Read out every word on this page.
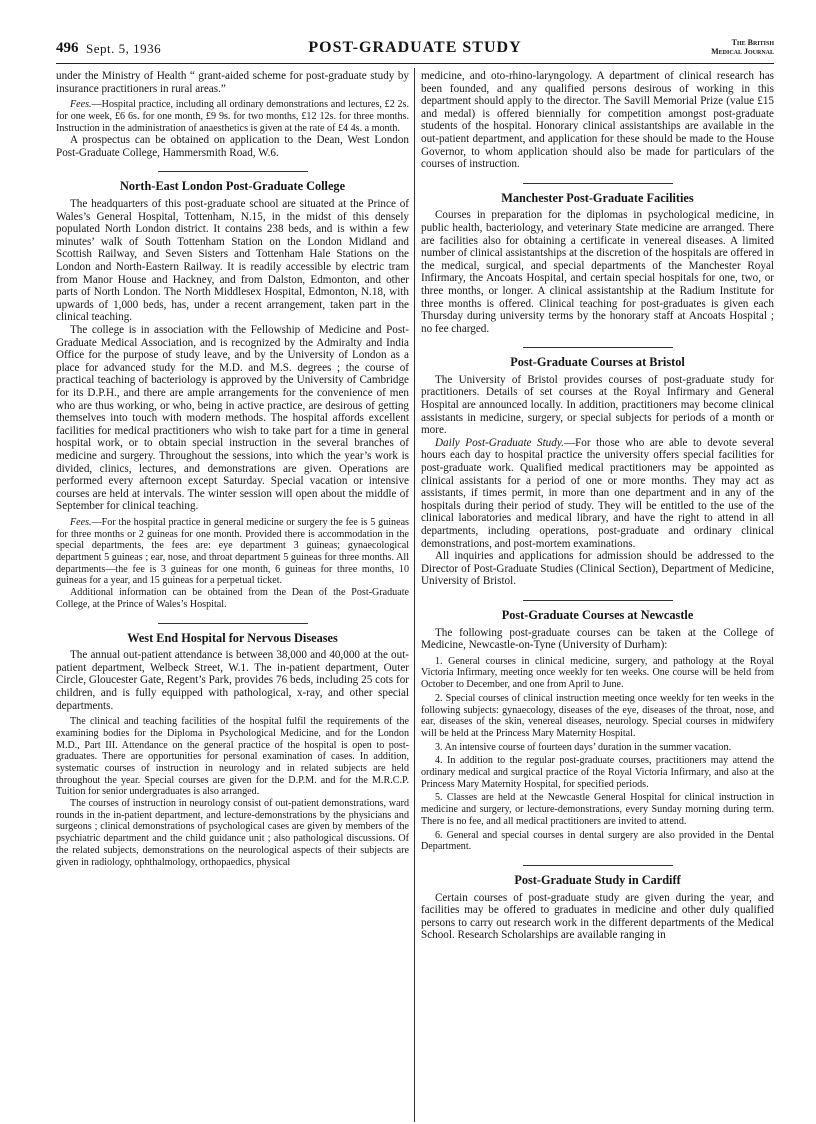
496 Sept. 5, 1936	POST-GRADUATE STUDY	The British
Medical Journal

under the Ministry of Health “ grant-aided scheme for post-graduate study by insurance practitioners in rural areas.”

Fees.—Hospital practice, including all ordinary demonstrations and lectures, £2 2s. for one week, £6 6s. for one month, £9 9s. for two months, £12 12s. for three months. Instruction in the administration of anaesthetics is given at the rate of £4 4s. a month.

A prospectus can be obtained on application to the Dean, West London Post-Graduate College, Hammersmith Road, W.6.

North-East London Post-Graduate College

The headquarters of this post-graduate school are situated at the Prince of Wales’s General Hospital, Tottenham, N.15, in the midst of this densely populated North London district. It contains 238 beds, and is within a few minutes’ walk of South Tottenham Station on the London Midland and Scottish Railway, and Seven Sisters and Tottenham Hale Stations on the London and North-Eastern Railway. It is readily accessible by electric tram from Manor House and Hackney, and from Dalston, Edmonton, and other parts of North London. The North Middlesex Hospital, Edmonton, N.18, with upwards of 1,000 beds, has, under a recent arrangement, taken part in the clinical teaching.

The college is in association with the Fellowship of Medicine and Post-Graduate Medical Association, and is recognized by the Admiralty and India Office for the purpose of study leave, and by the University of London as a place for advanced study for the M.D. and M.S. degrees ; the course of practical teaching of bacteriology is approved by the University of Cambridge for its D.P.H., and there are ample arrangements for the convenience of men who are thus working, or who, being in active practice, are desirous of getting themselves into touch with modern methods. The hospital affords excellent facilities for medical practitioners who wish to take part for a time in general hospital work, or to obtain special instruction in the several branches of medicine and surgery. Throughout the sessions, into which the year’s work is divided, clinics, lectures, and demonstrations are given. Operations are performed every afternoon except Saturday. Special vacation or intensive courses are held at intervals. The winter session will open about the middle of September for clinical teaching.

Fees.—For the hospital practice in general medicine or surgery the fee is 5 guineas for three months or 2 guineas for one month. Provided there is accommodation in the special departments, the fees are: eye department 3 guineas; gynaecological department 5 guineas ; ear, nose, and throat department 5 guineas for three months. All departments—the fee is 3 guineas for one month, 6 guineas for three months, 10 guineas for a year, and 15 guineas for a perpetual ticket.

Additional information can be obtained from the Dean of the Post-Graduate College, at the Prince of Wales’s Hospital.

West End Hospital for Nervous Diseases

The annual out-patient attendance is between 38,000 and 40,000 at the out-patient department, Welbeck Street, W.1. The in-patient department, Outer Circle, Gloucester Gate, Regent’s Park, provides 76 beds, including 25 cots for children, and is fully equipped with pathological, x-ray, and other special departments.

The clinical and teaching facilities of the hospital fulfil the requirements of the examining bodies for the Diploma in Psychological Medicine, and for the London M.D., Part III. Attendance on the general practice of the hospital is open to post-graduates. There are opportunities for personal examination of cases. In addition, systematic courses of instruction in neurology and in related subjects are held throughout the year. Special courses are given for the D.P.M. and for the M.R.C.P. Tuition for senior undergraduates is also arranged.

The courses of instruction in neurology consist of out-patient demonstrations, ward rounds in the in-patient department, and lecture-demonstrations by the physicians and surgeons ; clinical demonstrations of psychological cases are given by members of the psychiatric department and the child guidance unit ; also pathological discussions. Of the related subjects, demonstrations on the neurological aspects of their subjects are given in radiology, ophthalmology, orthopaedics, physical

medicine, and oto-rhino-laryngology. A department of clinical research has been founded, and any qualified persons desirous of working in this department should apply to the director. The Savill Memorial Prize (value £15 and medal) is offered biennially for competition amongst post-graduate students of the hospital. Honorary clinical assistantships are available in the out-patient department, and application for these should be made to the House Governor, to whom application should also be made for particulars of the courses of instruction.

Manchester Post-Graduate Facilities

Courses in preparation for the diplomas in psychological medicine, in public health, bacteriology, and veterinary State medicine are arranged. There are facilities also for obtaining a certificate in venereal diseases. A limited number of clinical assistantships at the discretion of the hospitals are offered in the medical, surgical, and special departments of the Manchester Royal Infirmary, the Ancoats Hospital, and certain special hospitals for one, two, or three months, or longer. A clinical assistantship at the Radium Institute for three months is offered. Clinical teaching for post-graduates is given each Thursday during university terms by the honorary staff at Ancoats Hospital ; no fee charged.

Post-Graduate Courses at Bristol

The University of Bristol provides courses of post-graduate study for practitioners. Details of set courses at the Royal Infirmary and General Hospital are announced locally. In addition, practitioners may become clinical assistants in medicine, surgery, or special subjects for periods of a month or more.

Daily Post-Graduate Study.—For those who are able to devote several hours each day to hospital practice the university offers special facilities for post-graduate work. Qualified medical practitioners may be appointed as clinical assistants for a period of one or more months. They may act as assistants, if times permit, in more than one department and in any of the hospitals during their period of study. They will be entitled to the use of the clinical laboratories and medical library, and have the right to attend in all departments, including operations, post-graduate and ordinary clinical demonstrations, and post-mortem examinations.

All inquiries and applications for admission should be addressed to the Director of Post-Graduate Studies (Clinical Section), Department of Medicine, University of Bristol.

Post-Graduate Courses at Newcastle

The following post-graduate courses can be taken at the College of Medicine, Newcastle-on-Tyne (University of Durham):

1. General courses in clinical medicine, surgery, and pathology at the Royal Victoria Infirmary, meeting once weekly for ten weeks. One course will be held from October to December, and one from April to June.
2. Special courses of clinical instruction meeting once weekly for ten weeks in the following subjects: gynaecology, diseases of the eye, diseases of the throat, nose, and ear, diseases of the skin, venereal diseases, neurology. Special courses in midwifery will be held at the Princess Mary Maternity Hospital.
3. An intensive course of fourteen days’ duration in the summer vacation.
4. In addition to the regular post-graduate courses, practitioners may attend the ordinary medical and surgical practice of the Royal Victoria Infirmary, and also at the Princess Mary Maternity Hospital, for specified periods.
5. Classes are held at the Newcastle General Hospital for clinical instruction in medicine and surgery, or lecture-demonstrations, every Sunday morning during term. There is no fee, and all medical practitioners are invited to attend.
6. General and special courses in dental surgery are also provided in the Dental Department.
Post-Graduate Study in Cardiff

Certain courses of post-graduate study are given during the year, and facilities may be offered to graduates in medicine and other duly qualified persons to carry out research work in the different departments of the Medical School. Research Scholarships are available ranging in
